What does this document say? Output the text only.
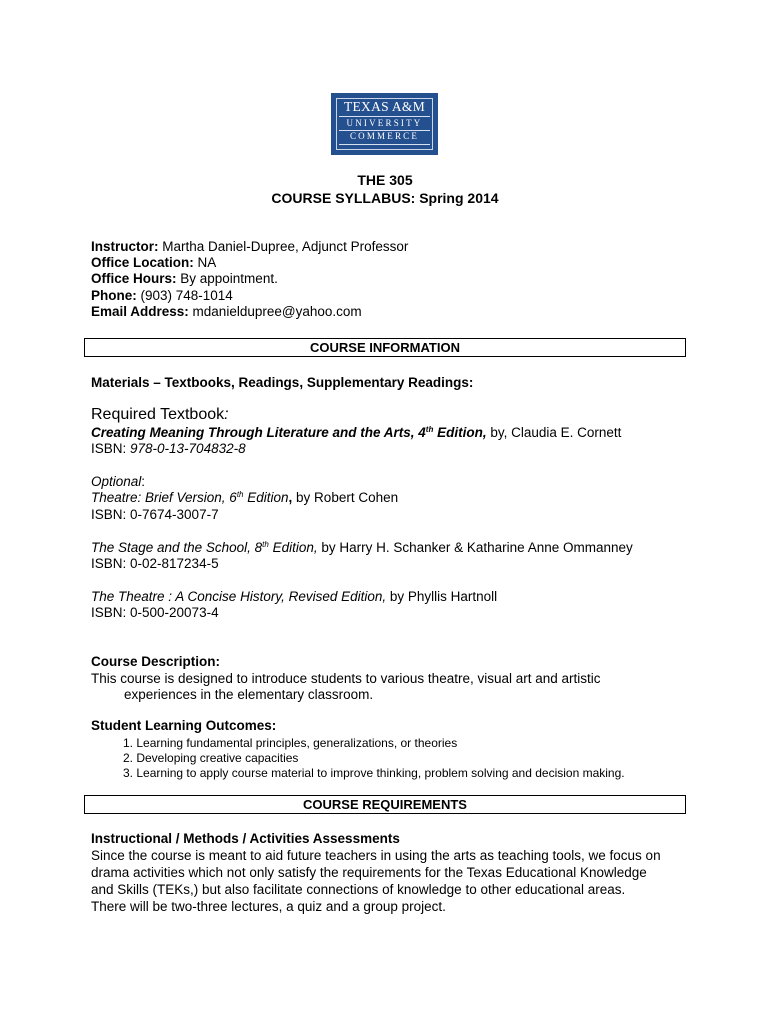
TEXAS A&M
UNIVERSITY
COMMERCE
THE 305
COURSE SYLLABUS: Spring 2014
Instructor: Martha Daniel-Dupree, Adjunct Professor
Office Location: NA
Office Hours: By appointment.
Phone: (903) 748-1014
Email Address: mdanieldupree@yahoo.com
COURSE INFORMATION
Materials – Textbooks, Readings, Supplementary Readings:
Required Textbook:
Creating Meaning Through Literature and the Arts, 4th Edition, by, Claudia E. Cornett
ISBN: 978-0-13-704832-8
Optional:
Theatre: Brief Version, 6th Edition, by Robert Cohen
ISBN: 0-7674-3007-7
The Stage and the School, 8th Edition, by Harry H. Schanker & Katharine Anne Ommanney
ISBN: 0-02-817234-5
The Theatre : A Concise History, Revised Edition, by Phyllis Hartnoll
ISBN: 0-500-20073-4
Course Description:
This course is designed to introduce students to various theatre, visual art and artistic
experiences in the elementary classroom.
Student Learning Outcomes:
1. Learning fundamental principles, generalizations, or theories
2. Developing creative capacities
3. Learning to apply course material to improve thinking, problem solving and decision making.
COURSE REQUIREMENTS
Instructional / Methods / Activities Assessments
Since the course is meant to aid future teachers in using the arts as teaching tools, we focus on
drama activities which not only satisfy the requirements for the Texas Educational Knowledge
and Skills (TEKs,) but also facilitate connections of knowledge to other educational areas.
There will be two-three lectures, a quiz and a group project.
